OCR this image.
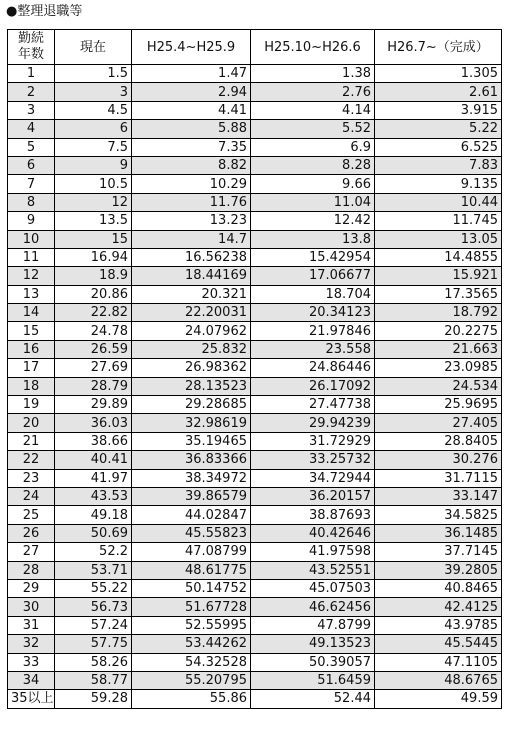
●整理退職等
勤続
年数	現在	H25.4~H25.9	H25.10~H26.6	H26.7~（完成）
1	1.5	1.47	1.38	1.305
2	3	2.94	2.76	2.61
3	4.5	4.41	4.14	3.915
4	6	5.88	5.52	5.22
5	7.5	7.35	6.9	6.525
6	9	8.82	8.28	7.83
7	10.5	10.29	9.66	9.135
8	12	11.76	11.04	10.44
9	13.5	13.23	12.42	11.745
10	15	14.7	13.8	13.05
11	16.94	16.56238	15.42954	14.4855
12	18.9	18.44169	17.06677	15.921
13	20.86	20.321	18.704	17.3565
14	22.82	22.20031	20.34123	18.792
15	24.78	24.07962	21.97846	20.2275
16	26.59	25.832	23.558	21.663
17	27.69	26.98362	24.86446	23.0985
18	28.79	28.13523	26.17092	24.534
19	29.89	29.28685	27.47738	25.9695
20	36.03	32.98619	29.94239	27.405
21	38.66	35.19465	31.72929	28.8405
22	40.41	36.83366	33.25732	30.276
23	41.97	38.34972	34.72944	31.7115
24	43.53	39.86579	36.20157	33.147
25	49.18	44.02847	38.87693	34.5825
26	50.69	45.55823	40.42646	36.1485
27	52.2	47.08799	41.97598	37.7145
28	53.71	48.61775	43.52551	39.2805
29	55.22	50.14752	45.07503	40.8465
30	56.73	51.67728	46.62456	42.4125
31	57.24	52.55995	47.8799	43.9785
32	57.75	53.44262	49.13523	45.5445
33	58.26	54.32528	50.39057	47.1105
34	58.77	55.20795	51.6459	48.6765
35以上	59.28	55.86	52.44	49.59
